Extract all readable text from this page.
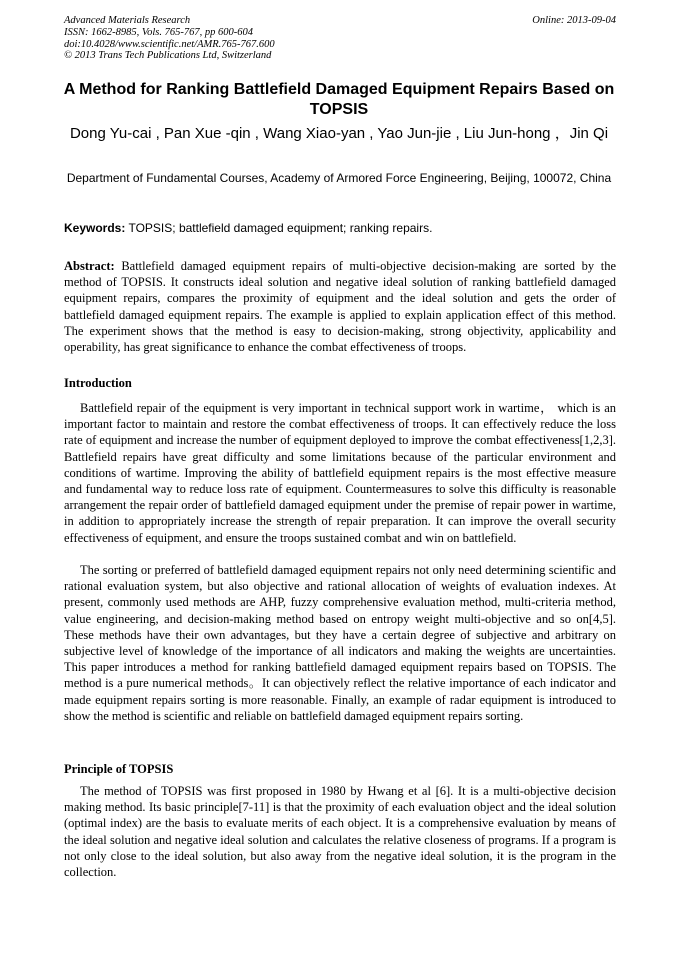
Advanced Materials Research
ISSN: 1662-8985, Vols. 765-767, pp 600-604
doi:10.4028/www.scientific.net/AMR.765-767.600
© 2013 Trans Tech Publications Ltd, Switzerland
Online: 2013-09-04
A Method for Ranking Battlefield Damaged Equipment Repairs Based on TOPSIS
Dong Yu-cai , Pan Xue -qin , Wang Xiao-yan , Yao Jun-jie , Liu Jun-hong ，Jin Qi
Department of Fundamental Courses, Academy of Armored Force Engineering, Beijing, 100072, China
Keywords: TOPSIS; battlefield damaged equipment; ranking repairs.
Abstract: Battlefield damaged equipment repairs of multi-objective decision-making are sorted by the method of TOPSIS. It constructs ideal solution and negative ideal solution of ranking battlefield damaged equipment repairs, compares the proximity of equipment and the ideal solution and gets the order of battlefield damaged equipment repairs. The example is applied to explain application effect of this method. The experiment shows that the method is easy to decision-making, strong objectivity, applicability and operability, has great significance to enhance the combat effectiveness of troops.
Introduction
Battlefield repair of the equipment is very important in technical support work in wartime， which is an important factor to maintain and restore the combat effectiveness of troops. It can effectively reduce the loss rate of equipment and increase the number of equipment deployed to improve the combat effectiveness[1,2,3]. Battlefield repairs have great difficulty and some limitations because of the particular environment and conditions of wartime. Improving the ability of battlefield equipment repairs is the most effective measure and fundamental way to reduce loss rate of equipment. Countermeasures to solve this difficulty is reasonable arrangement the repair order of battlefield damaged equipment under the premise of repair power in wartime, in addition to appropriately increase the strength of repair preparation. It can improve the overall security effectiveness of equipment, and ensure the troops sustained combat and win on battlefield.
The sorting or preferred of battlefield damaged equipment repairs not only need determining scientific and rational evaluation system, but also objective and rational allocation of weights of evaluation indexes. At present, commonly used methods are AHP, fuzzy comprehensive evaluation method, multi-criteria method, value engineering, and decision-making method based on entropy weight multi-objective and so on[4,5]. These methods have their own advantages, but they have a certain degree of subjective and arbitrary on subjective level of knowledge of the importance of all indicators and making the weights are uncertainties. This paper introduces a method for ranking battlefield damaged equipment repairs based on TOPSIS. The method is a pure numerical methods。It can objectively reflect the relative importance of each indicator and made equipment repairs sorting is more reasonable. Finally, an example of radar equipment is introduced to show the method is scientific and reliable on battlefield damaged equipment repairs sorting.
Principle of TOPSIS
The method of TOPSIS was first proposed in 1980 by Hwang et al [6]. It is a multi-objective decision making method. Its basic principle[7-11] is that the proximity of each evaluation object and the ideal solution (optimal index) are the basis to evaluate merits of each object. It is a comprehensive evaluation by means of the ideal solution and negative ideal solution and calculates the relative closeness of programs. If a program is not only close to the ideal solution, but also away from the negative ideal solution, it is the program in the collection.
